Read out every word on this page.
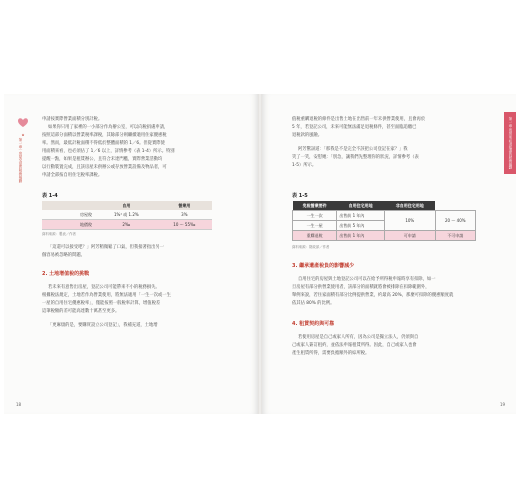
❀
第一章｜房屋交易的稅務規劃
申請按實際營業面積分別計稅。
如果你只用了家裡的一小部分作為辦公室，可以向稅捐處申請，
按照這部分面積以營業稅率課稅，其餘部分則繼續適用住家優惠稅
率。然而，最低計稅面積不得低於整體面積的 1／6。但從實際使
用面積來看，也必須佔了 1／6 以上，詳情參考（表 1-4）所示。特別
提醒一點，如果是租賃辦公，且符合未達門檻，實際營業活動均
以行動裝置完成，且該房屋未供辦公或存放營業設備及物品者，可
申請全部按自用住宅稅率課稅。
表 1-4
	自用	營業用
房屋稅	1%¹ 或 1.2%	3%
地價稅	2‰	10 ～ 55‰
資料來源：製表／作者
「這還可以接受吧？」阿芳稍微鬆了口氣，但我接著指出另一
個容易被忽略的問題。
2. 土地增值稅的挑戰
若未來有意售出房屋，登記公司可能帶來不小的稅務損失。
根據稅法規定，土地若作為營業使用，將無法適用「一生一次或一生
一屋的自用住宅優惠稅率」，僅能按照一般稅率計算，增值稅差
這筆稅額的差可能高達數十萬甚至更多。
「更麻煩的是，要購買設立公司登記」，我補充道，土地增
18
第一章 買房前必須知道的財務規劃
值稅重購退稅的條件是出售土地在出售前一年未供營業使用，且會再於
5 年，若登記公司，未來可能無法滿足退稅條件，甚至面臨追繳已
退稅款的風險。
阿芳驚訝道：「那我是不是完全不該把公司登記在家？」我
笑了一笑，安慰她：「別急，讓我們先整理你的狀況，詳情參考（表
1-5）所示。
表 1-5
免稅營業要件	自用住宅用地	非自用住宅用地	
一生一次	出售前 1 年內	10%	20 ～ 40%
一生一屋	出售前 5 年內		
重購退稅	出售前 1 年內	可申請	不可申請
資料來源：財政部／作者
3. 繼承遺產稅負的影響減少
自用住宅的房屋與土地登記公司可以在給予所得稅申報時享有扣除，如一
旦房屋有部分供營業使用者，該部分的面積就將會被排除在扣除範圍外，
舉例來說，若住家面積有部分比例提供營業，約最高 20%，那麼可扣除的優惠額度就
依其佔 80% 的比例。
4. 租賃契約與可靠
若使用房屋是自己或家人所有，因為公司是獨立法人，仍須與自
己或家人簽訂租約，並依法申報租賃所得。因此，自己或家人也會
產生租賃所得，需要負擔額外的綜所稅。
19
